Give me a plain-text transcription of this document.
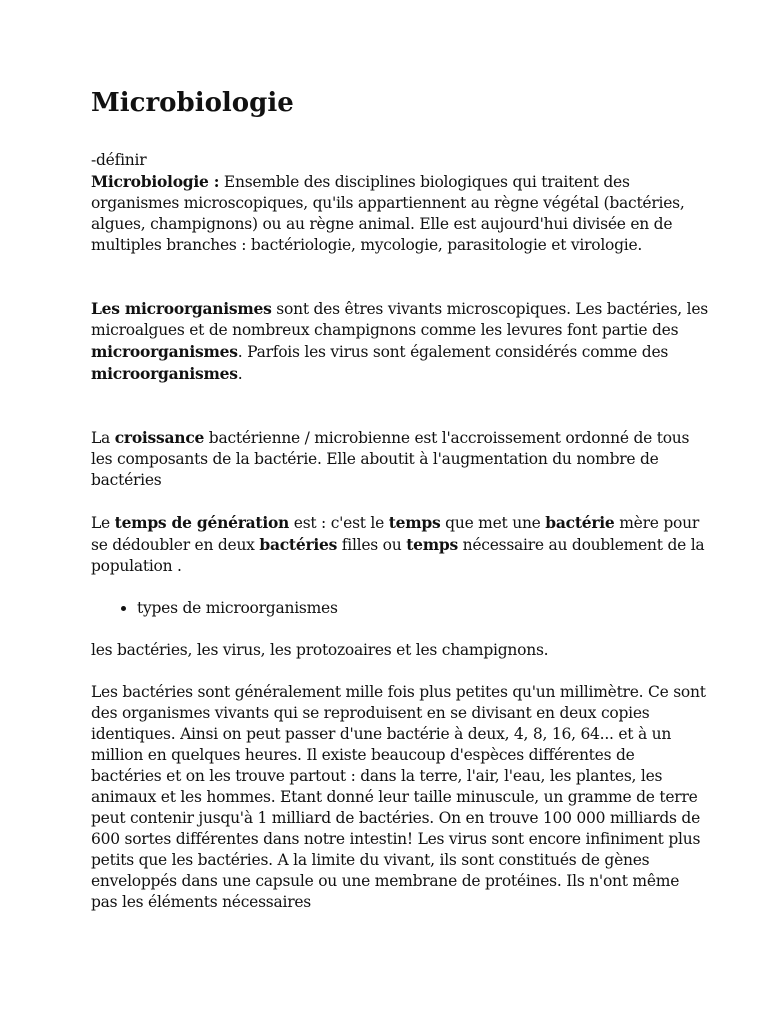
Microbiologie

-définir

Microbiologie : Ensemble des disciplines biologiques qui traitent des organismes microscopiques, qu'ils appartiennent au règne végétal (bactéries, algues, champignons) ou au règne animal. Elle est aujourd'hui divisée en de multiples branches : bactériologie, mycologie, parasitologie et virologie.

Les microorganismes sont des êtres vivants microscopiques. Les bactéries, les microalgues et de nombreux champignons comme les levures font partie des microorganismes. Parfois les virus sont également considérés comme des microorganismes.

La croissance bactérienne / microbienne est l'accroissement ordonné de tous les composants de la bactérie. Elle aboutit à l'augmentation du nombre de bactéries

Le temps de génération est : c'est le temps que met une bactérie mère pour se dédoubler en deux bactéries filles ou temps nécessaire au doublement de la population .

• types de microorganismes

les bactéries, les virus, les protozoaires et les champignons.

Les bactéries sont généralement mille fois plus petites qu'un millimètre. Ce sont des organismes vivants qui se reproduisent en se divisant en deux copies identiques. Ainsi on peut passer d'une bactérie à deux, 4, 8, 16, 64... et à un million en quelques heures. Il existe beaucoup d'espèces différentes de bactéries et on les trouve partout : dans la terre, l'air, l'eau, les plantes, les animaux et les hommes. Etant donné leur taille minuscule, un gramme de terre peut contenir jusqu'à 1 milliard de bactéries. On en trouve 100 000 milliards de 600 sortes différentes dans notre intestin! Les virus sont encore infiniment plus petits que les bactéries. A la limite du vivant, ils sont constitués de gènes enveloppés dans une capsule ou une membrane de protéines. Ils n'ont même pas les éléments nécessaires
